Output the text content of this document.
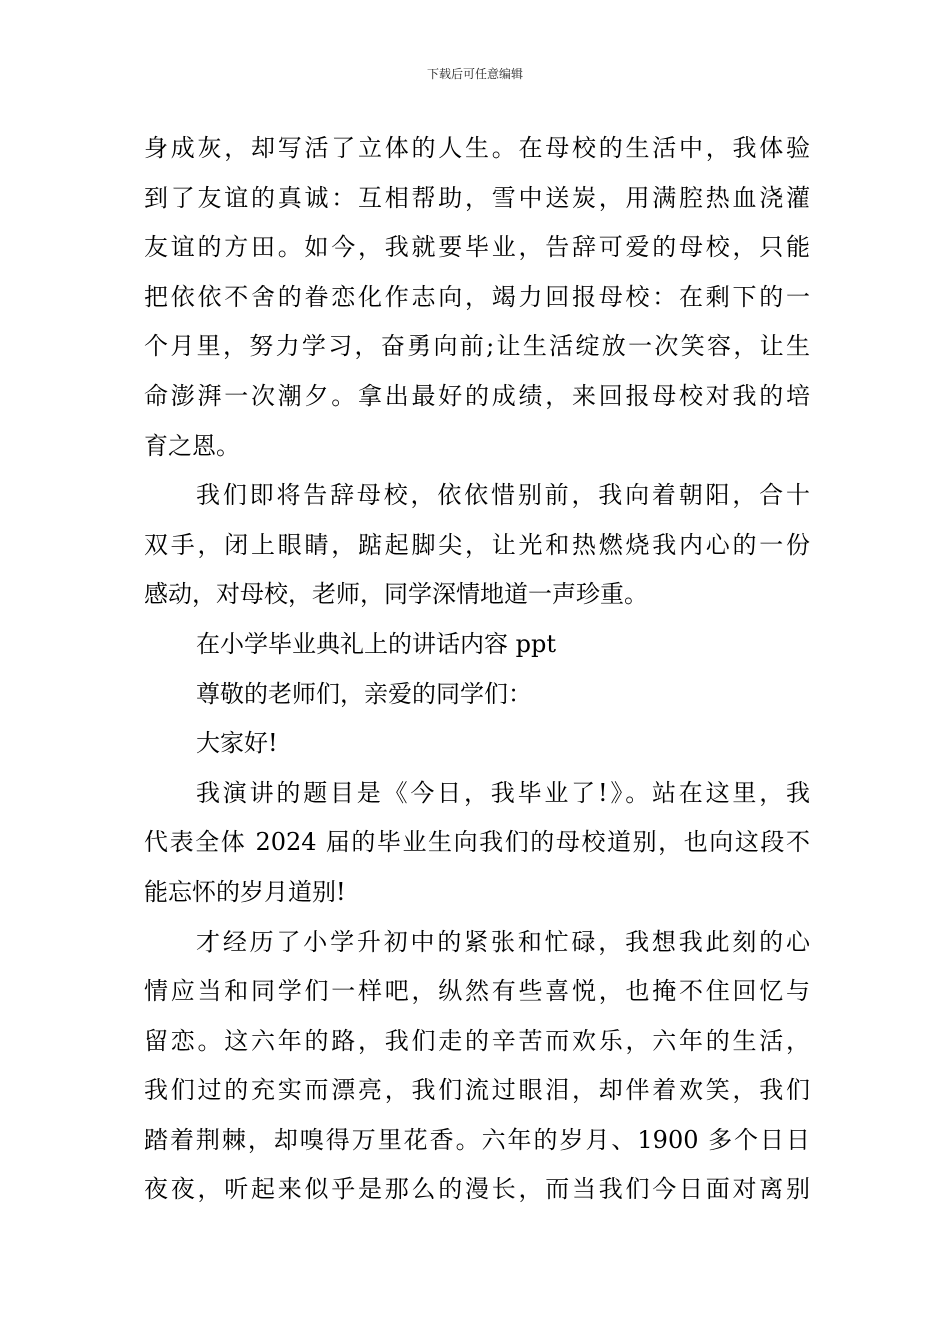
下载后可任意编辑
身成灰，却写活了立体的人生。在母校的生活中，我体验
到了友谊的真诚：互相帮助，雪中送炭，用满腔热血浇灌
友谊的方田。如今，我就要毕业，告辞可爱的母校，只能
把依依不舍的眷恋化作志向，竭力回报母校：在剩下的一
个月里，努力学习，奋勇向前;让生活绽放一次笑容，让生
命澎湃一次潮夕。拿出最好的成绩，来回报母校对我的培
育之恩。
我们即将告辞母校，依依惜别前，我向着朝阳，合十
双手，闭上眼睛，踮起脚尖，让光和热燃烧我内心的一份
感动，对母校，老师，同学深情地道一声珍重。
在小学毕业典礼上的讲话内容 ppt
尊敬的老师们，亲爱的同学们：
大家好!
我演讲的题目是《今日，我毕业了!》。站在这里，我
代表全体 2024 届的毕业生向我们的母校道别，也向这段不
能忘怀的岁月道别!
才经历了小学升初中的紧张和忙碌，我想我此刻的心
情应当和同学们一样吧，纵然有些喜悦，也掩不住回忆与
留恋。这六年的路，我们走的辛苦而欢乐，六年的生活，
我们过的充实而漂亮，我们流过眼泪，却伴着欢笑，我们
踏着荆棘，却嗅得万里花香。六年的岁月、1900 多个日日
夜夜，听起来似乎是那么的漫长，而当我们今日面对离别
